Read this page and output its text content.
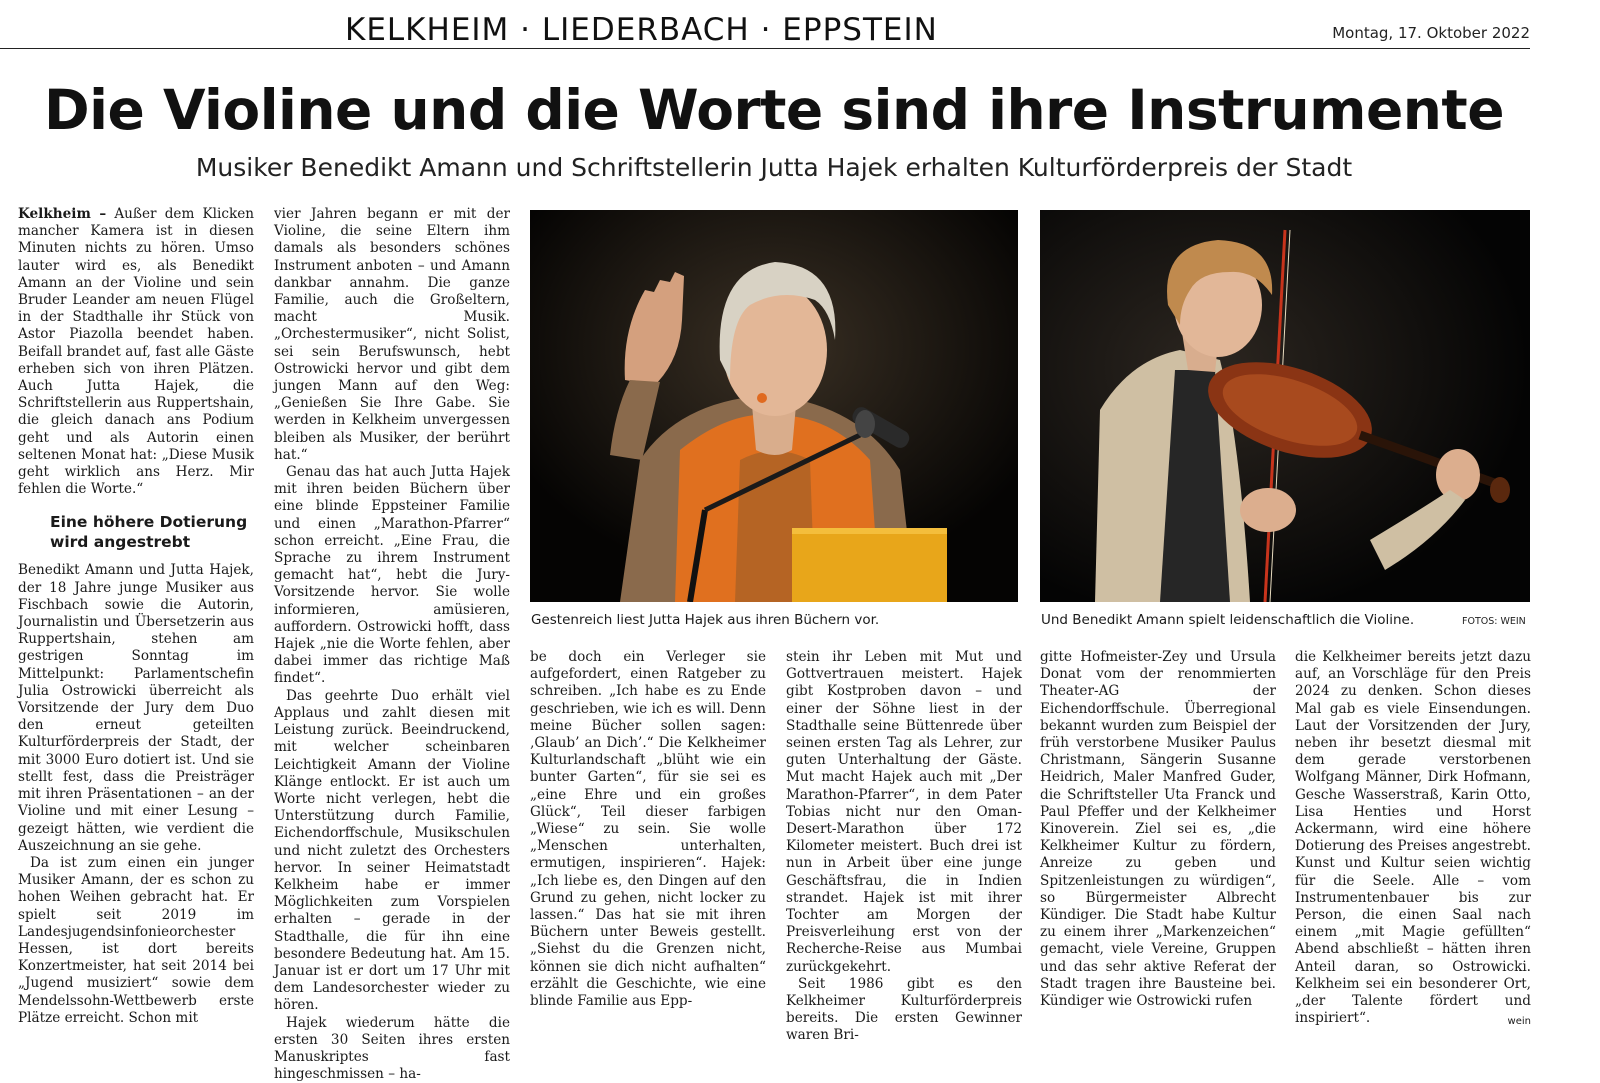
KELKHEIM · LIEDERBACH · EPPSTEIN	Montag, 17. Oktober 2022
Die Violine und die Worte sind ihre Instrumente
Musiker Benedikt Amann und Schriftstellerin Jutta Hajek erhalten Kulturförderpreis der Stadt

Kelkheim – Außer dem Klicken mancher Kamera ist in diesen Minuten nichts zu hören. Umso lauter wird es, als Benedikt Amann an der Violine und sein Bruder Leander am neuen Flügel in der Stadthalle ihr Stück von Astor Piazolla beendet haben. Beifall brandet auf, fast alle Gäste erheben sich von ihren Plätzen. Auch Jutta Hajek, die Schriftstellerin aus Ruppertshain, die gleich danach ans Podium geht und als Autorin einen seltenen Monat hat: „Diese Musik geht wirklich ans Herz. Mir fehlen die Worte.“

Eine höhere Dotierung wird angestrebt

Benedikt Amann und Jutta Hajek, der 18 Jahre junge Musiker aus Fischbach sowie die Autorin, Journalistin und Übersetzerin aus Ruppertshain, stehen am gestrigen Sonntag im Mittelpunkt: Parlamentschefin Julia Ostrowicki überreicht als Vorsitzende der Jury dem Duo den erneut geteilten Kulturförderpreis der Stadt, der mit 3000 Euro dotiert ist. Und sie stellt fest, dass die Preisträger mit ihren Präsentationen – an der Violine und mit einer Lesung – gezeigt hätten, wie verdient die Auszeichnung an sie gehe.

Da ist zum einen ein junger Musiker Amann, der es schon zu hohen Weihen gebracht hat. Er spielt seit 2019 im Landesjugendsinfonieorchester Hessen, ist dort bereits Konzertmeister, hat seit 2014 bei „Jugend musiziert“ sowie dem Mendelssohn-Wettbewerb erste Plätze erreicht. Schon mit

vier Jahren begann er mit der Violine, die seine Eltern ihm damals als besonders schönes Instrument anboten – und Amann dankbar annahm. Die ganze Familie, auch die Großeltern, macht Musik. „Orchestermusiker“, nicht Solist, sei sein Berufswunsch, hebt Ostrowicki hervor und gibt dem jungen Mann auf den Weg: „Genießen Sie Ihre Gabe. Sie werden in Kelkheim unvergessen bleiben als Musiker, der berührt hat.“

Genau das hat auch Jutta Hajek mit ihren beiden Büchern über eine blinde Eppsteiner Familie und einen „Marathon-Pfarrer“ schon erreicht. „Eine Frau, die Sprache zu ihrem Instrument gemacht hat“, hebt die Jury-Vorsitzende hervor. Sie wolle informieren, amüsieren, auffordern. Ostrowicki hofft, dass Hajek „nie die Worte fehlen, aber dabei immer das richtige Maß findet“.

Das geehrte Duo erhält viel Applaus und zahlt diesen mit Leistung zurück. Beeindruckend, mit welcher scheinbaren Leichtigkeit Amann der Violine Klänge entlockt. Er ist auch um Worte nicht verlegen, hebt die Unterstützung durch Familie, Eichendorffschule, Musikschulen und nicht zuletzt des Orchesters hervor. In seiner Heimatstadt Kelkheim habe er immer Möglichkeiten zum Vorspielen erhalten – gerade in der Stadthalle, die für ihn eine besondere Bedeutung hat. Am 15. Januar ist er dort um 17 Uhr mit dem Landesorchester wieder zu hören.

Hajek wiederum hätte die ersten 30 Seiten ihres ersten Manuskriptes fast hingeschmissen – ha-

Gestenreich liest Jutta Hajek aus ihren Büchern vor.	Und Benedikt Amann spielt leidenschaftlich die Violine.	FOTOS: WEIN

be doch ein Verleger sie aufgefordert, einen Ratgeber zu schreiben. „Ich habe es zu Ende geschrieben, wie ich es will. Denn meine Bücher sollen sagen: ‚Glaub’ an Dich’.“ Die Kelkheimer Kulturlandschaft „blüht wie ein bunter Garten“, für sie sei es „eine Ehre und ein großes Glück“, Teil dieser farbigen „Wiese“ zu sein. Sie wolle „Menschen unterhalten, ermutigen, inspirieren“. Hajek: „Ich liebe es, den Dingen auf den Grund zu gehen, nicht locker zu lassen.“ Das hat sie mit ihren Büchern unter Beweis gestellt. „Siehst du die Grenzen nicht, können sie dich nicht aufhalten“ erzählt die Geschichte, wie eine blinde Familie aus Epp-

stein ihr Leben mit Mut und Gottvertrauen meistert. Hajek gibt Kostproben davon – und einer der Söhne liest in der Stadthalle seine Büttenrede über seinen ersten Tag als Lehrer, zur guten Unterhaltung der Gäste. Mut macht Hajek auch mit „Der Marathon-Pfarrer“, in dem Pater Tobias nicht nur den Oman-Desert-Marathon über 172 Kilometer meistert. Buch drei ist nun in Arbeit über eine junge Geschäftsfrau, die in Indien strandet. Hajek ist mit ihrer Tochter am Morgen der Preisverleihung erst von der Recherche-Reise aus Mumbai zurückgekehrt.

Seit 1986 gibt es den Kelkheimer Kulturförderpreis bereits. Die ersten Gewinner waren Bri-

gitte Hofmeister-Zey und Ursula Donat vom der renommierten Theater-AG der Eichendorffschule. Überregional bekannt wurden zum Beispiel der früh verstorbene Musiker Paulus Christmann, Sängerin Susanne Heidrich, Maler Manfred Guder, die Schriftsteller Uta Franck und Paul Pfeffer und der Kelkheimer Kinoverein. Ziel sei es, „die Kelkheimer Kultur zu fördern, Anreize zu geben und Spitzenleistungen zu würdigen“, so Bürgermeister Albrecht Kündiger. Die Stadt habe Kultur zu einem ihrer „Markenzeichen“ gemacht, viele Vereine, Gruppen und das sehr aktive Referat der Stadt tragen ihre Bausteine bei. Kündiger wie Ostrowicki rufen

die Kelkheimer bereits jetzt dazu auf, an Vorschläge für den Preis 2024 zu denken. Schon dieses Mal gab es viele Einsendungen. Laut der Vorsitzenden der Jury, neben ihr besetzt diesmal mit dem gerade verstorbenen Wolfgang Männer, Dirk Hofmann, Gesche Wasserstraß, Karin Otto, Lisa Henties und Horst Ackermann, wird eine höhere Dotierung des Preises angestrebt. Kunst und Kultur seien wichtig für die Seele. Alle – vom Instrumentenbauer bis zur Person, die einen Saal nach einem „mit Magie gefüllten“ Abend abschließt – hätten ihren Anteil daran, so Ostrowicki. Kelkheim sei ein besonderer Ort, „der Talente fördert und inspiriert“.	wein
